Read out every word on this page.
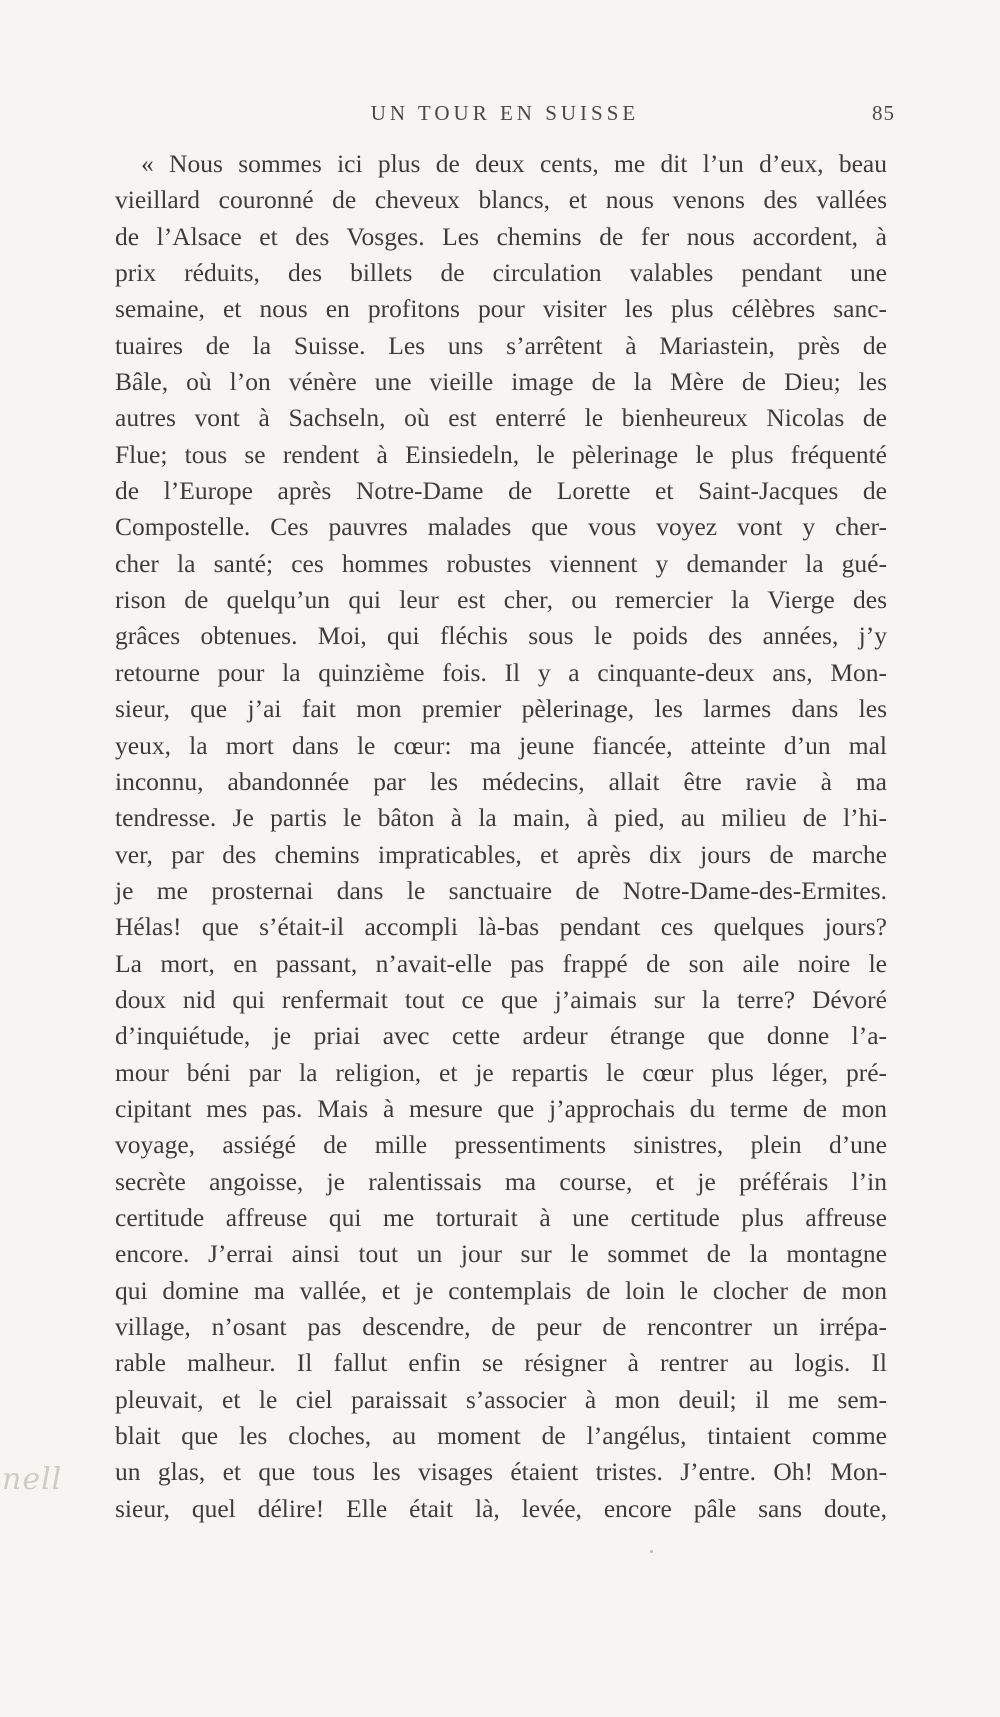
UN TOUR EN SUISSE	85
« Nous sommes ici plus de deux cents, me dit l’un d’eux, beau
vieillard couronné de cheveux blancs, et nous venons des vallées
de l’Alsace et des Vosges. Les chemins de fer nous accordent, à
prix réduits, des billets de circulation valables pendant une
semaine, et nous en profitons pour visiter les plus célèbres sanc-
tuaires de la Suisse. Les uns s’arrêtent à Mariastein, près de
Bâle, où l’on vénère une vieille image de la Mère de Dieu; les
autres vont à Sachseln, où est enterré le bienheureux Nicolas de
Flue; tous se rendent à Einsiedeln, le pèlerinage le plus fréquenté
de l’Europe après Notre-Dame de Lorette et Saint-Jacques de
Compostelle. Ces pauvres malades que vous voyez vont y cher-
cher la santé; ces hommes robustes viennent y demander la gué-
rison de quelqu’un qui leur est cher, ou remercier la Vierge des
grâces obtenues. Moi, qui fléchis sous le poids des années, j’y
retourne pour la quinzième fois. Il y a cinquante-deux ans, Mon-
sieur, que j’ai fait mon premier pèlerinage, les larmes dans les
yeux, la mort dans le cœur: ma jeune fiancée, atteinte d’un mal
inconnu, abandonnée par les médecins, allait être ravie à ma
tendresse. Je partis le bâton à la main, à pied, au milieu de l’hi-
ver, par des chemins impraticables, et après dix jours de marche
je me prosternai dans le sanctuaire de Notre-Dame-des-Ermites.
Hélas! que s’était-il accompli là-bas pendant ces quelques jours?
La mort, en passant, n’avait-elle pas frappé de son aile noire le
doux nid qui renfermait tout ce que j’aimais sur la terre? Dévoré
d’inquiétude, je priai avec cette ardeur étrange que donne l’a-
mour béni par la religion, et je repartis le cœur plus léger, pré-
cipitant mes pas. Mais à mesure que j’approchais du terme de mon
voyage, assiégé de mille pressentiments sinistres, plein d’une
secrète angoisse, je ralentissais ma course, et je préférais l’in
certitude affreuse qui me torturait à une certitude plus affreuse
encore. J’errai ainsi tout un jour sur le sommet de la montagne
qui domine ma vallée, et je contemplais de loin le clocher de mon
village, n’osant pas descendre, de peur de rencontrer un irrépa-
rable malheur. Il fallut enfin se résigner à rentrer au logis. Il
pleuvait, et le ciel paraissait s’associer à mon deuil; il me sem-
blait que les cloches, au moment de l’angélus, tintaient comme
un glas, et que tous les visages étaient tristes. J’entre. Oh! Mon-
sieur, quel délire! Elle était là, levée, encore pâle sans doute,
nell
